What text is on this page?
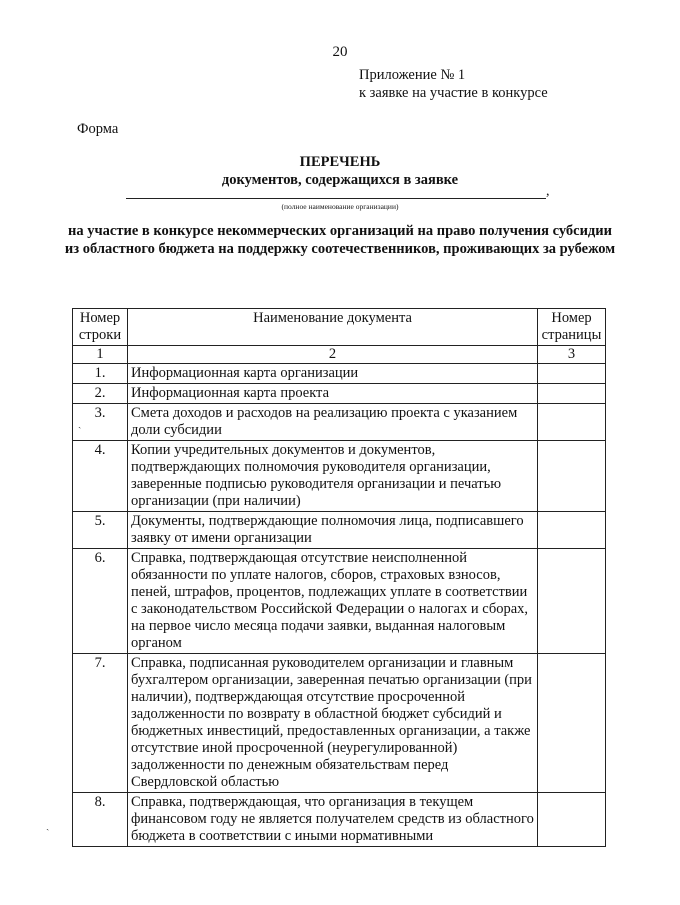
20
Приложение № 1
к заявке на участие в конкурсе
Форма
ПЕРЕЧЕНЬ
документов, содержащихся в заявке
,
(полное наименование организации)
на участие в конкурсе некоммерческих организаций на право получения субсидии из областного бюджета на поддержку соотечественников, проживающих за рубежом
Номер строки	Наименование документа	Номер страницы
1	2	3
1.	Информационная карта организации	
2.	Информационная карта проекта	
3.	Смета доходов и расходов на реализацию проекта с указанием доли субсидии	
4.	Копии учредительных документов и документов, подтверждающих полномочия руководителя организации, заверенные подписью руководителя организации и печатью организации (при наличии)	
5.	Документы, подтверждающие полномочия лица, подписавшего заявку от имени организации	
6.	Справка, подтверждающая отсутствие неисполненной обязанности по уплате налогов, сборов, страховых взносов, пеней, штрафов, процентов, подлежащих уплате в соответствии с законодательством Российской Федерации о налогах и сборах, на первое число месяца подачи заявки, выданная налоговым органом	
7.	Справка, подписанная руководителем организации и главным бухгалтером организации, заверенная печатью организации (при наличии), подтверждающая отсутствие просроченной задолженности по возврату в областной бюджет субсидий и бюджетных инвестиций, предоставленных организации, а также отсутствие иной просроченной (неурегулированной) задолженности по денежным обязательствам перед Свердловской областью	
8.	Справка, подтверждающая, что организация в текущем финансовом году не является получателем средств из областного бюджета в соответствии с иными нормативными	
ˎ
ˏ
